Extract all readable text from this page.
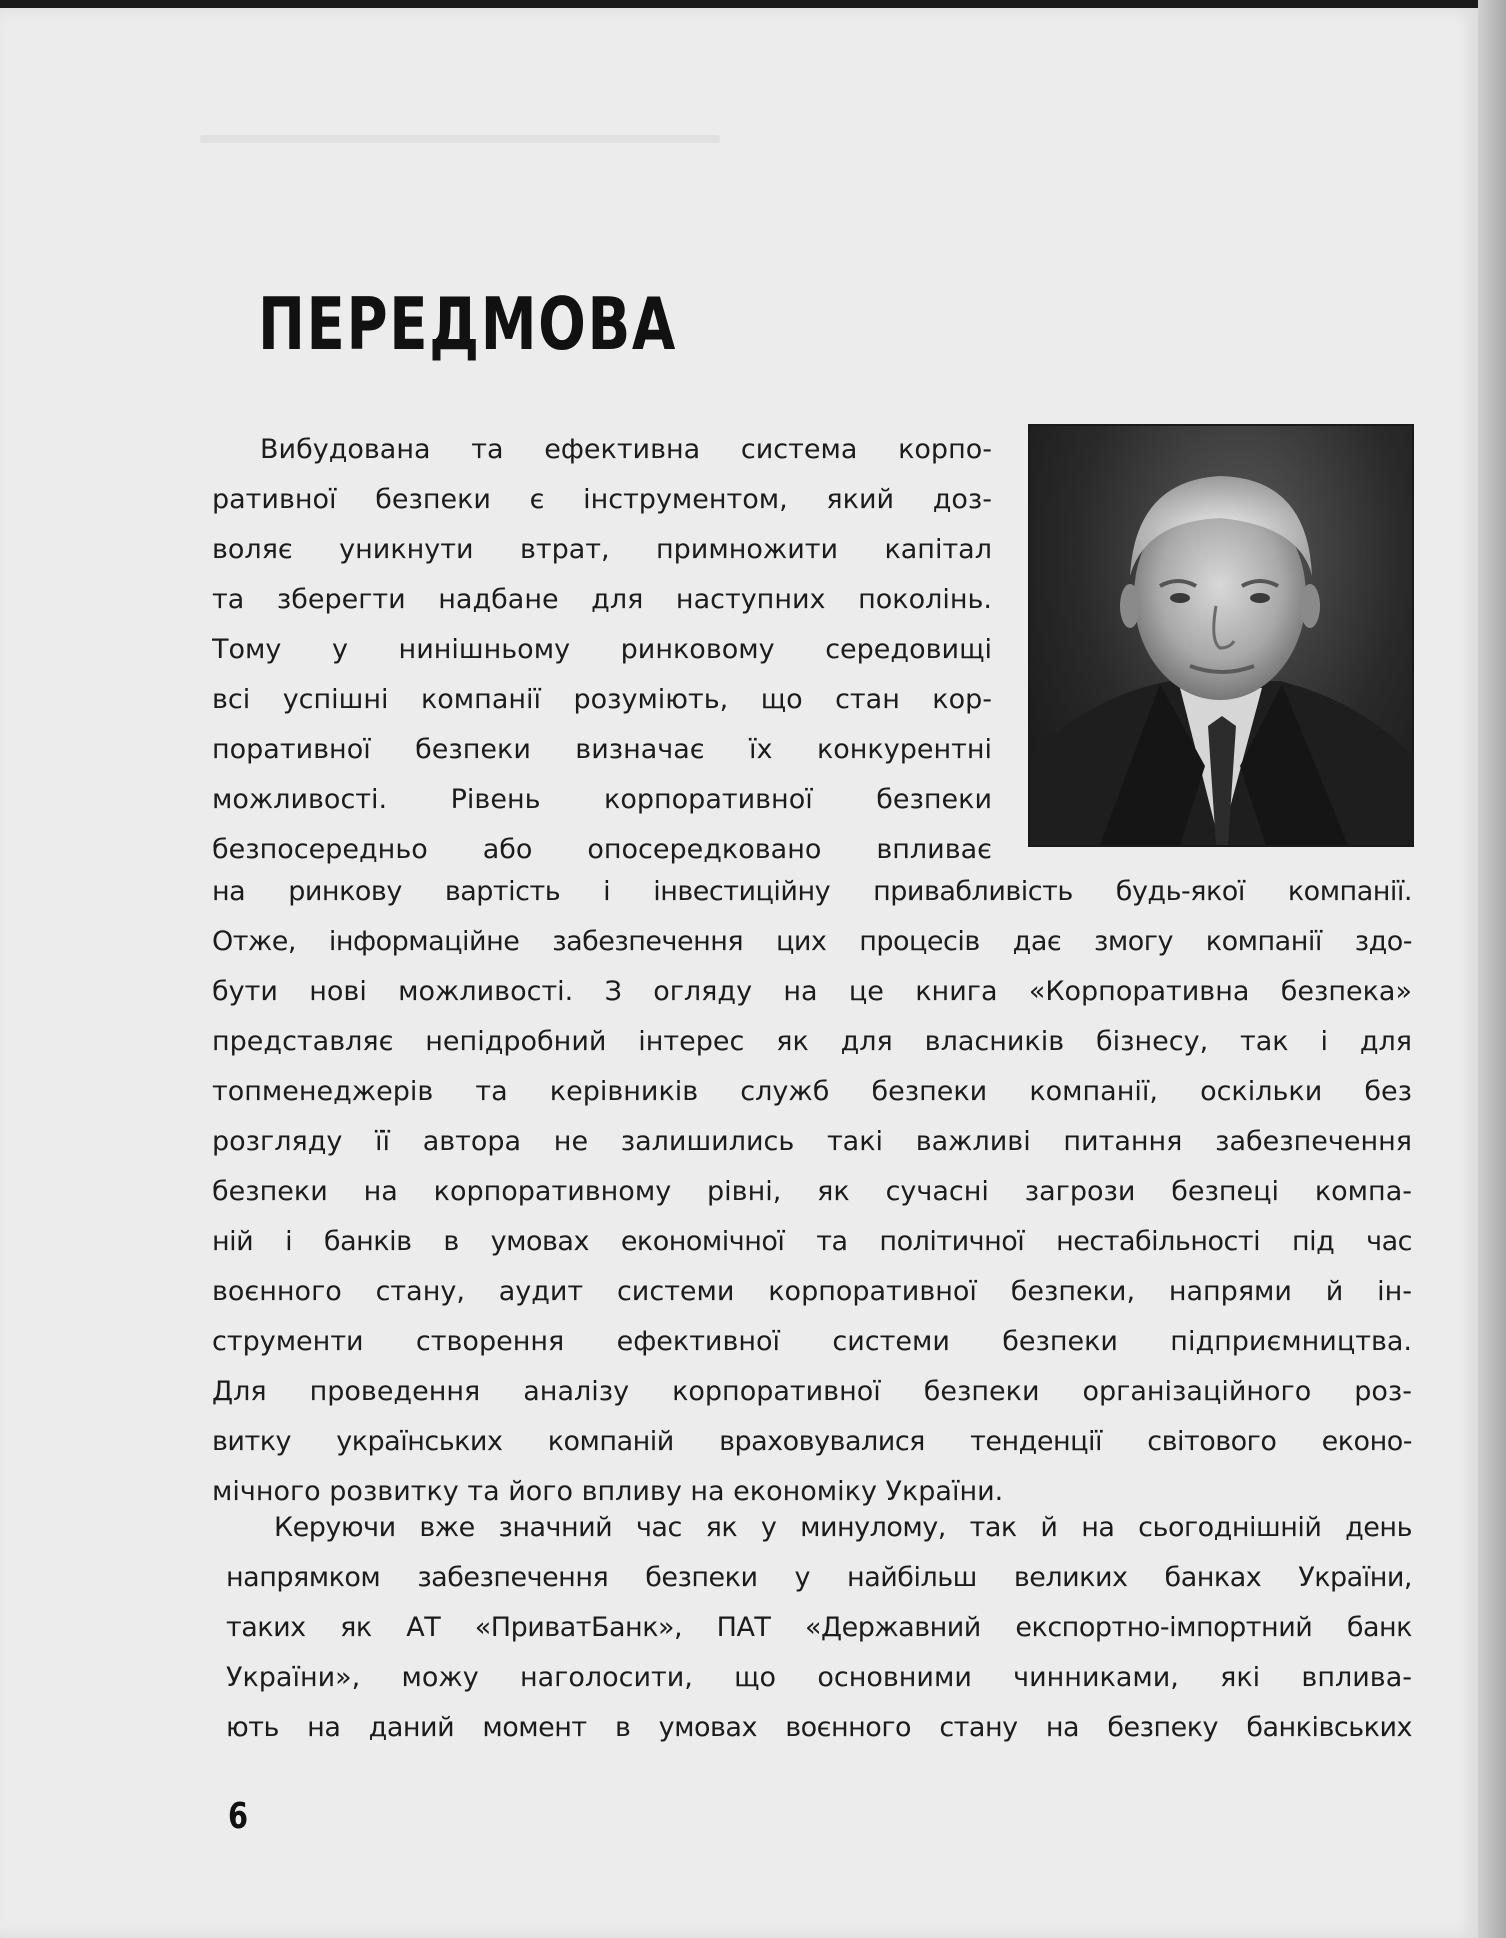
ПЕРЕДМОВА
Вибудована та ефективна система корпо-
ративної безпеки є інструментом, який доз-
воляє уникнути втрат, примножити капітал
та зберегти надбане для наступних поколінь.
Тому у нинішньому ринковому середовищі
всі успішні компанії розуміють, що стан кор-
поративної безпеки визначає їх конкурентні
можливості. Рівень корпоративної безпеки
безпосередньо або опосередковано впливає
на ринкову вартість і інвестиційну привабливість будь-якої компанії.
Отже, інформаційне забезпечення цих процесів дає змогу компанії здо-
бути нові можливості. З огляду на це книга «Корпоративна безпека»
представляє непідробний інтерес як для власників бізнесу, так і для
топменеджерів та керівників служб безпеки компанії, оскільки без
розгляду її автора не залишились такі важливі питання забезпечення
безпеки на корпоративному рівні, як сучасні загрози безпеці компа-
ній і банків в умовах економічної та політичної нестабільності під час
воєнного стану, аудит системи корпоративної безпеки, напрями й ін-
струменти створення ефективної системи безпеки підприємництва.
Для проведення аналізу корпоративної безпеки організаційного роз-
витку українських компаній враховувалися тенденції світового еконо-
мічного розвитку та його впливу на економіку України.
Керуючи вже значний час як у минулому, так й на сьогоднішній день
напрямком забезпечення безпеки у найбільш великих банках України,
таких як АТ «ПриватБанк», ПАТ «Державний експортно-імпортний банк
України», можу наголосити, що основними чинниками, які вплива-
ють на даний момент в умовах воєнного стану на безпеку банківських
6
